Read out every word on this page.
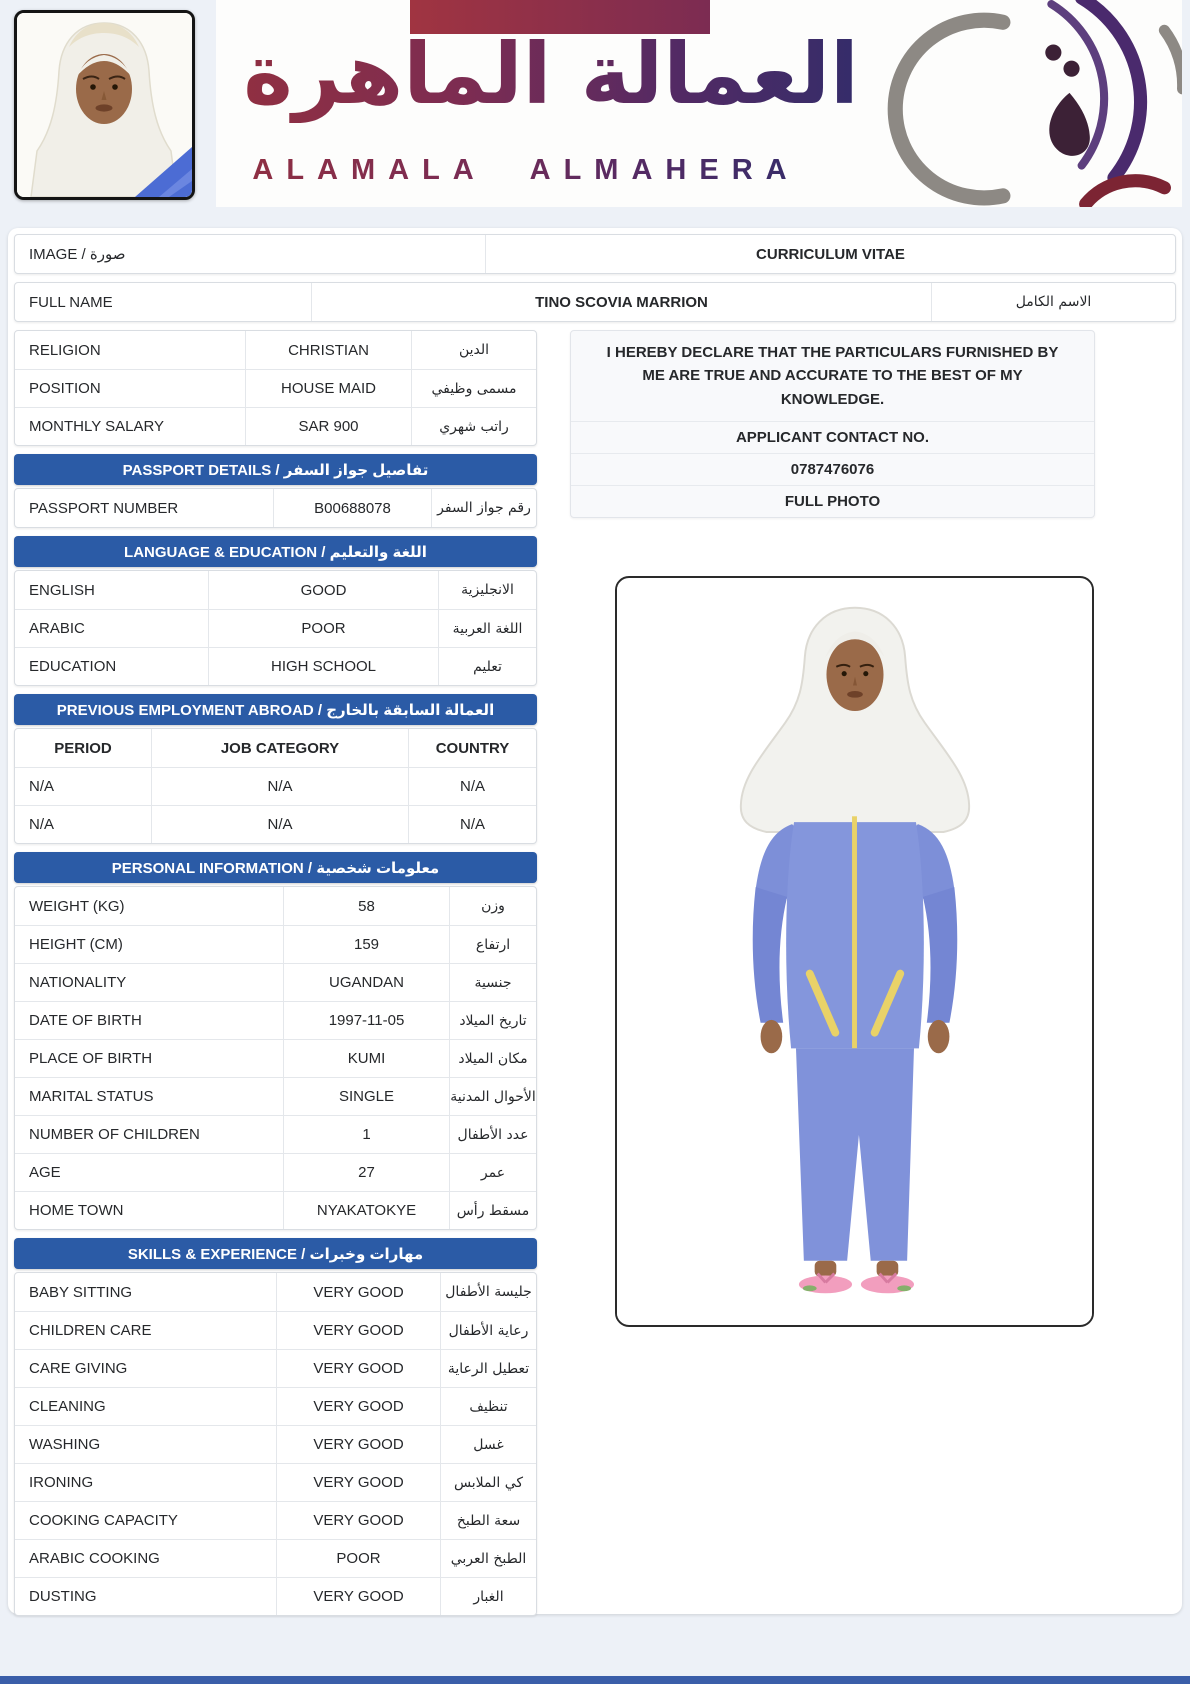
العمالة الماهرة
ALAMALA ALMAHERA
IMAGE / صورة	CURRICULUM VITAE
FULL NAME	TINO SCOVIA MARRION	الاسم الكامل
RELIGION	CHRISTIAN	الدين
POSITION	HOUSE MAID	مسمى وظيفي
MONTHLY SALARY	SAR 900	راتب شهري
PASSPORT DETAILS / تفاصيل جواز السفر
PASSPORT NUMBER	B00688078	رقم جواز السفر
LANGUAGE & EDUCATION / اللغة والتعليم
ENGLISH	GOOD	الانجليزية
ARABIC	POOR	اللغة العربية
EDUCATION	HIGH SCHOOL	تعليم
PREVIOUS EMPLOYMENT ABROAD / العمالة السابقة بالخارج
PERIOD	JOB CATEGORY	COUNTRY
N/A	N/A	N/A
N/A	N/A	N/A
PERSONAL INFORMATION / معلومات شخصية
WEIGHT (KG)	58	وزن
HEIGHT (CM)	159	ارتفاع
NATIONALITY	UGANDAN	جنسية
DATE OF BIRTH	1997-11-05	تاريخ الميلاد
PLACE OF BIRTH	KUMI	مكان الميلاد
MARITAL STATUS	SINGLE	الأحوال المدنية
NUMBER OF CHILDREN	1	عدد الأطفال
AGE	27	عمر
HOME TOWN	NYAKATOKYE	مسقط رأس
SKILLS & EXPERIENCE / مهارات وخبرات
BABY SITTING	VERY GOOD	جليسة الأطفال
CHILDREN CARE	VERY GOOD	رعاية الأطفال
CARE GIVING	VERY GOOD	تعطيل الرعاية
CLEANING	VERY GOOD	تنظيف
WASHING	VERY GOOD	غسل
IRONING	VERY GOOD	كي الملابس
COOKING CAPACITY	VERY GOOD	سعة الطبخ
ARABIC COOKING	POOR	الطبخ العربي
DUSTING	VERY GOOD	الغبار
I HEREBY DECLARE THAT THE PARTICULARS FURNISHED BY ME ARE TRUE AND ACCURATE TO THE BEST OF MY KNOWLEDGE.
APPLICANT CONTACT NO.
0787476076
FULL PHOTO
